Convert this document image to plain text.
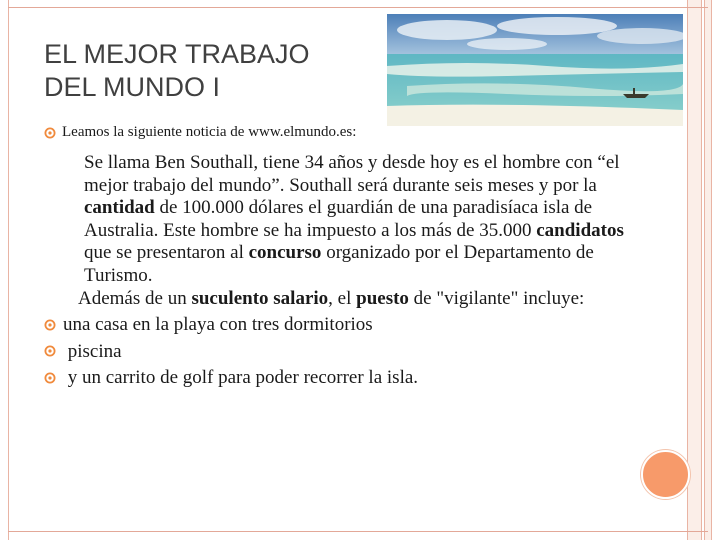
EL MEJOR TRABAJO
DEL MUNDO I
Leamos la siguiente noticia de www.elmundo.es:

Se llama Ben Southall, tiene 34 años y desde hoy es el hombre con “el mejor trabajo del mundo”. Southall será durante seis meses y por la cantidad de 100.000 dólares el guardián de una paradisíaca isla de Australia. Este hombre se ha impuesto a los más de 35.000 candidatos que se presentaron al concurso organizado por el Departamento de Turismo.

Además de un suculento salario, el puesto de "vigilante" incluye:

una casa en la playa con tres dormitorios

piscina

y un carrito de golf para poder recorrer la isla.
